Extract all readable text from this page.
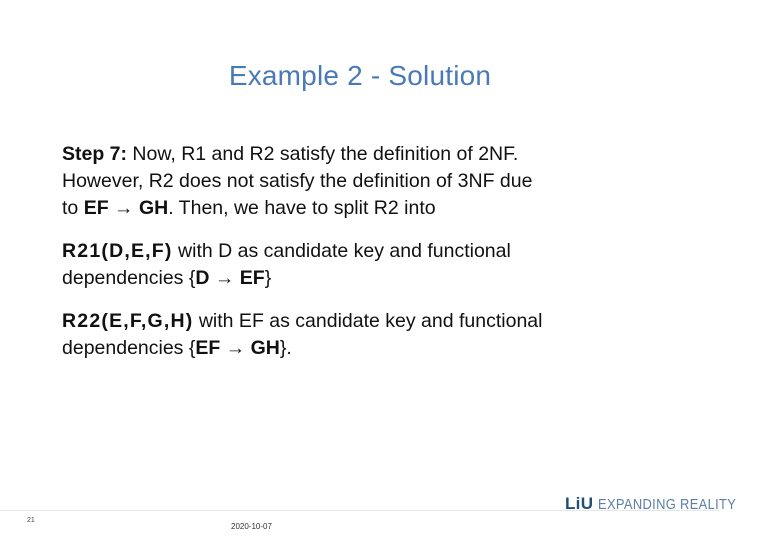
Example 2 - Solution
Step 7: Now, R1 and R2 satisfy the definition of 2NF.
However, R2 does not satisfy the definition of 3NF due
to EF → GH. Then, we have to split R2 into
R21(D,E,F) with D as candidate key and functional
dependencies {D → EF}
R22(E,F,G,H) with EF as candidate key and functional
dependencies {EF → GH}.
21
2020-10-07
LiU EXPANDING REALITY
